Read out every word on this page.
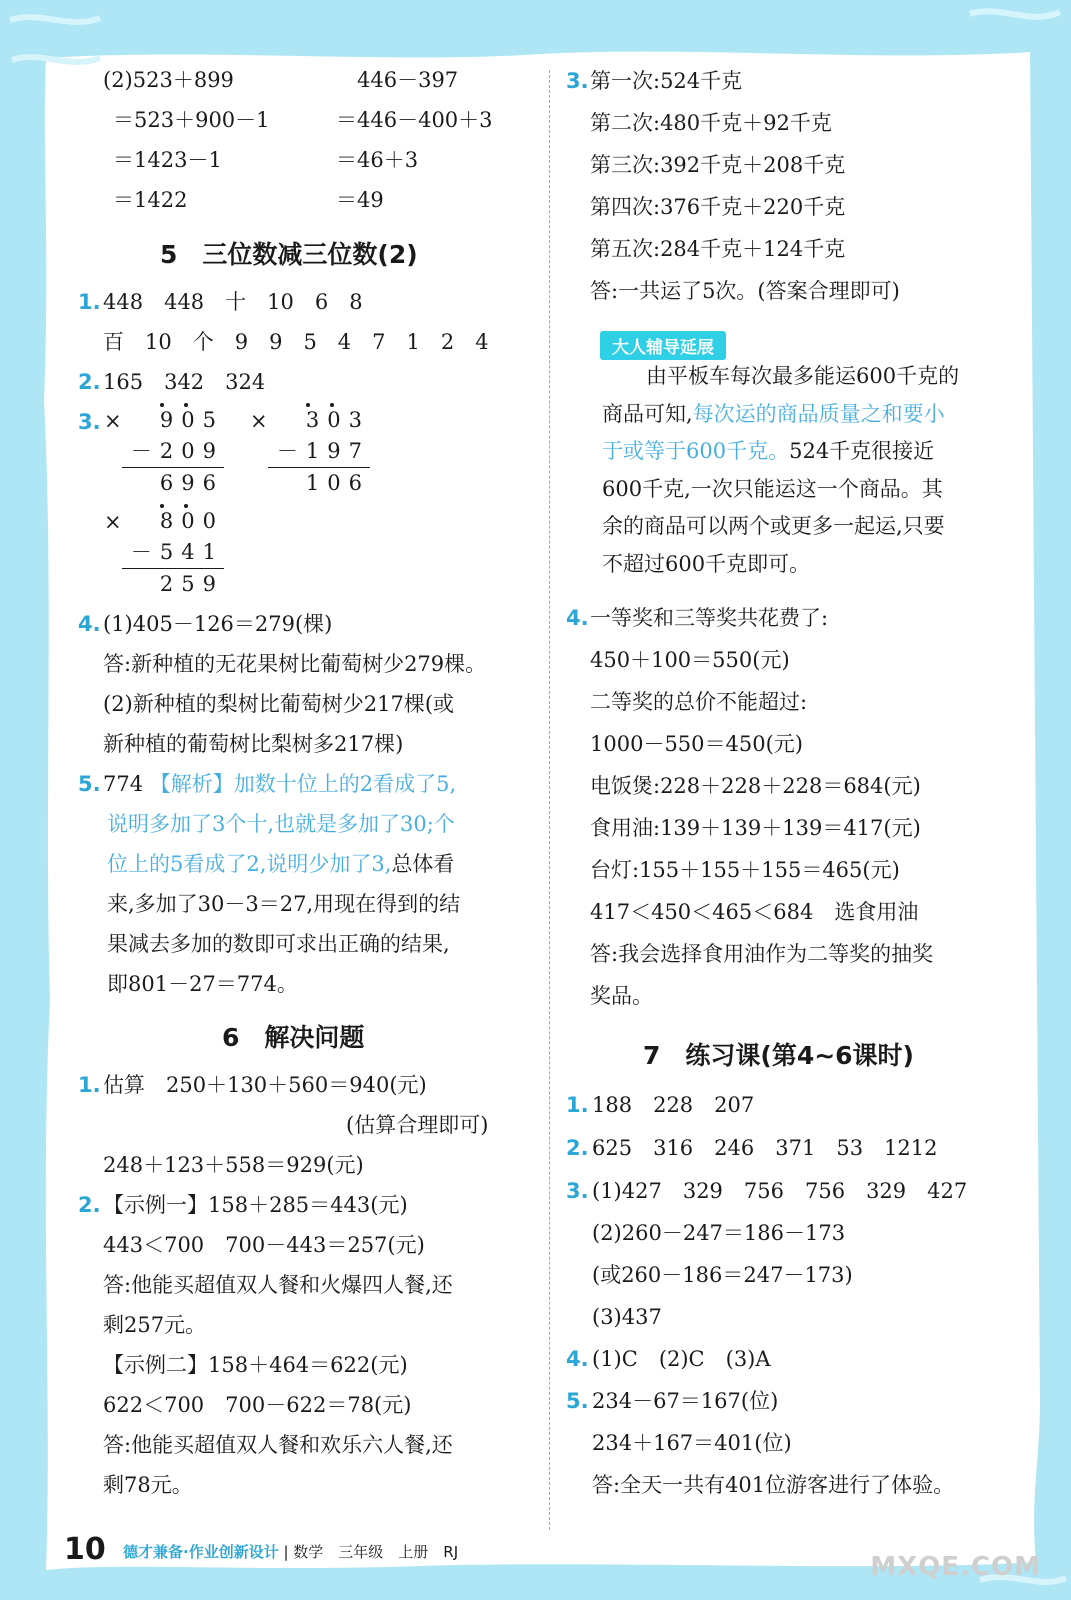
(2)523＋899	446－397
＝523＋900－1	＝446－400＋3
＝1423－1	＝46＋3
＝1422	＝49
5　三位数减三位数(2)
1. 448　448　十　10　6　8
百　10　个　9　9　5　4　7　1　2　4
2. 165　342　324
3. ×	905
－209
696
×	303
－197
106
×	800
－541
259
4. (1)405－126＝279(棵)
答:新种植的无花果树比葡萄树少279棵。
(2)新种植的梨树比葡萄树少217棵(或
新种植的葡萄树比梨树多217棵)
5. 774 【解析】加数十位上的2看成了5,
说明多加了3个十,也就是多加了30;个
位上的5看成了2,说明少加了3,总体看
来,多加了30－3＝27,用现在得到的结
果减去多加的数即可求出正确的结果,
即801－27＝774。
6　解决问题
1. 估算　250＋130＋560＝940(元)
(估算合理即可)
248＋123＋558＝929(元)
2. 【示例一】158＋285＝443(元)
443＜700　700－443＝257(元)
答:他能买超值双人餐和火爆四人餐,还
剩257元。
【示例二】158＋464＝622(元)
622＜700　700－622＝78(元)
答:他能买超值双人餐和欢乐六人餐,还
剩78元。
3. 第一次:524千克
第二次:480千克＋92千克
第三次:392千克＋208千克
第四次:376千克＋220千克
第五次:284千克＋124千克
答:一共运了5次。(答案合理即可)
大人辅导延展
由平板车每次最多能运600千克的
商品可知,每次运的商品质量之和要小
于或等于600千克。524千克很接近
600千克,一次只能运这一个商品。其
余的商品可以两个或更多一起运,只要
不超过600千克即可。
4. 一等奖和三等奖共花费了:
450＋100＝550(元)
二等奖的总价不能超过:
1000－550＝450(元)
电饭煲:228＋228＋228＝684(元)
食用油:139＋139＋139＝417(元)
台灯:155＋155＋155＝465(元)
417＜450＜465＜684　选食用油
答:我会选择食用油作为二等奖的抽奖
奖品。
7　练习课(第4~6课时)
1. 188　228　207
2. 625　316　246　371　53　1212
3. (1)427　329　756　756　329　427
(2)260－247＝186－173
(或260－186＝247－173)
(3)437
4. (1)C　(2)C　(3)A
5. 234－67＝167(位)
234＋167＝401(位)
答:全天一共有401位游客进行了体验。
10 德才兼备·作业创新设计 | 数学　三年级　上册　RJ	MXQE.COM
